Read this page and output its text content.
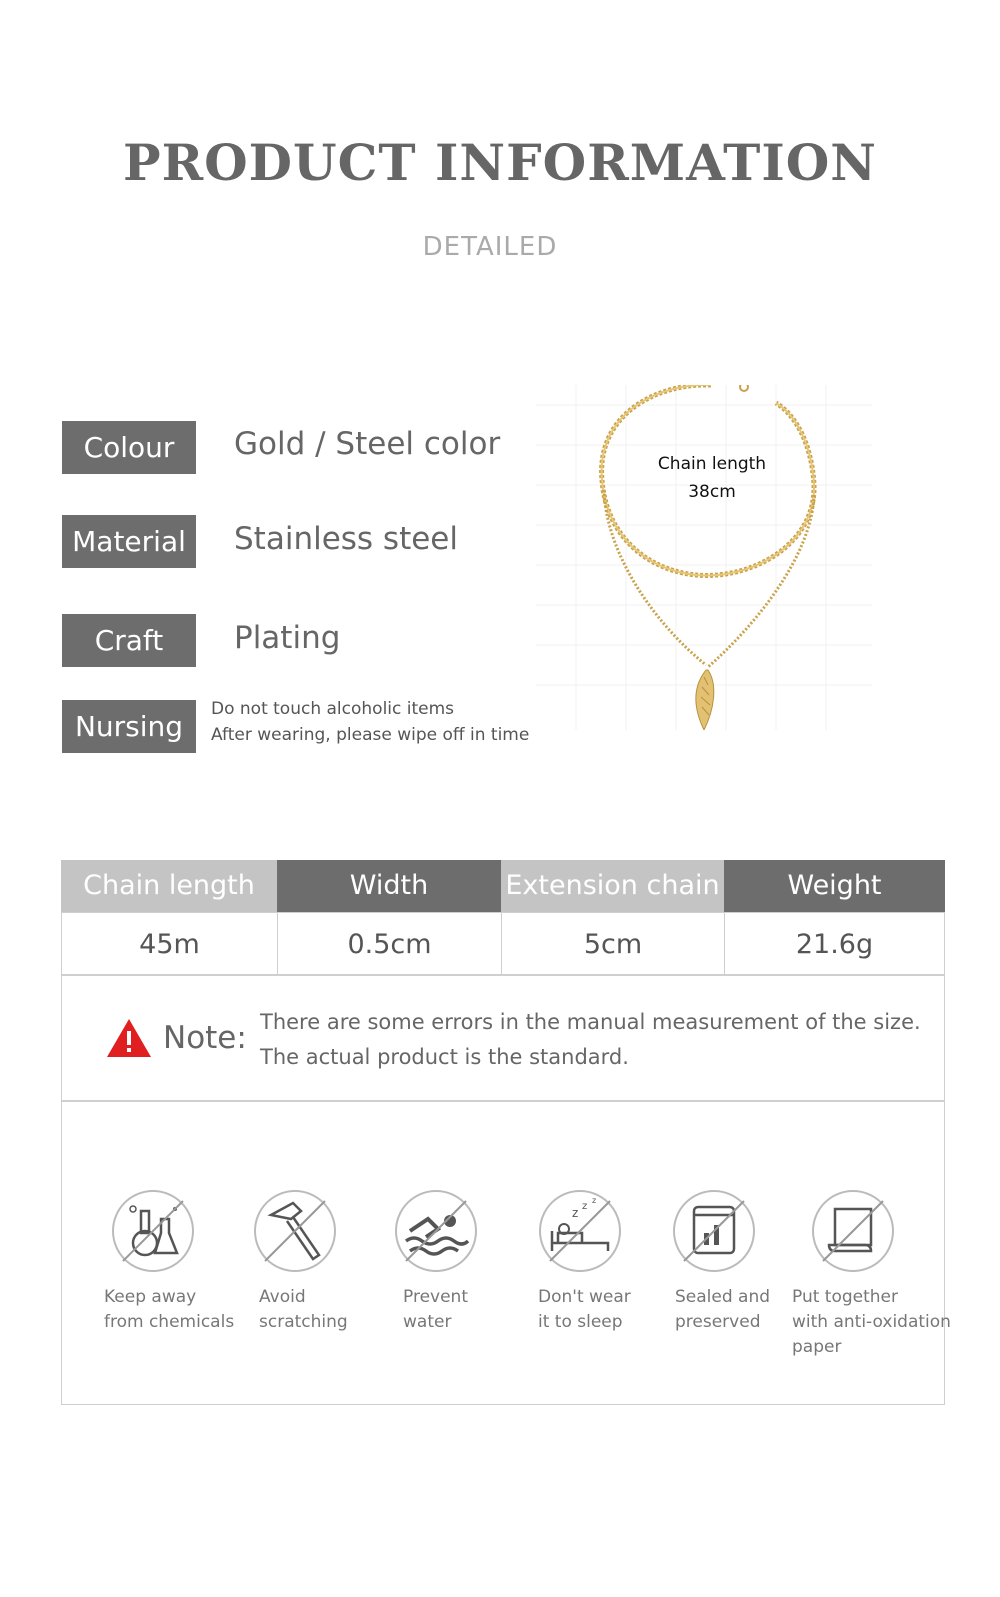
PRODUCT INFORMATION
DETAILED
Colour	Gold / Steel color
Material	Stainless steel
Craft	Plating
Nursing
Do not touch alcoholic items
After wearing, please wipe off in time
Chain length
38cm
Chain length	Width	Extension chain	Weight
45m	0.5cm	5cm	21.6g
Note: There are some errors in the manual measurement of the size.
The actual product is the standard.
z z
z
Keep away
from chemicals
Avoid
scratching
Prevent
water
Don't wear
it to sleep
Sealed and
preserved
Put together
with anti-oxidation
paper
